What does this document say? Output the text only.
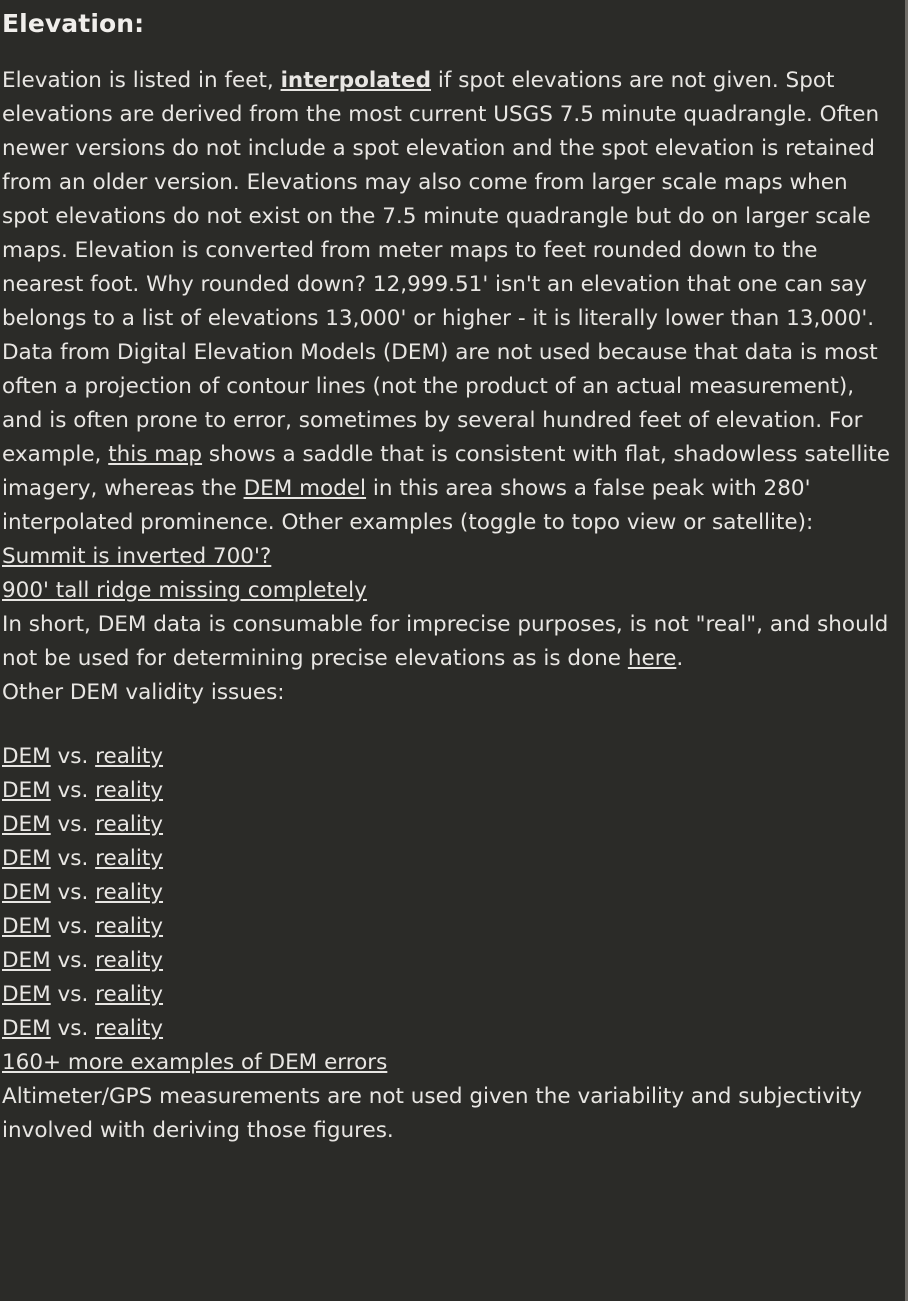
Elevation:

Elevation is listed in feet, interpolated if spot elevations are not given. Spot elevations are derived from the most current USGS 7.5 minute quadrangle. Often newer versions do not include a spot elevation and the spot elevation is retained from an older version. Elevations may also come from larger scale maps when spot elevations do not exist on the 7.5 minute quadrangle but do on larger scale maps. Elevation is converted from meter maps to feet rounded down to the nearest foot. Why rounded down? 12,999.51' isn't an elevation that one can say belongs to a list of elevations 13,000' or higher - it is literally lower than 13,000'. Data from Digital Elevation Models (DEM) are not used because that data is most often a projection of contour lines (not the product of an actual measurement), and is often prone to error, sometimes by several hundred feet of elevation. For example, this map shows a saddle that is consistent with flat, shadowless satellite imagery, whereas the DEM model in this area shows a false peak with 280' interpolated prominence. Other examples (toggle to topo view or satellite):

Summit is inverted 700'?
900' tall ridge missing completely
In short, DEM data is consumable for imprecise purposes, is not "real", and should not be used for determining precise elevations as is done here.
Other DEM validity issues:
DEM vs. reality
DEM vs. reality
DEM vs. reality
DEM vs. reality
DEM vs. reality
DEM vs. reality
DEM vs. reality
DEM vs. reality
DEM vs. reality
160+ more examples of DEM errors
Altimeter/GPS measurements are not used given the variability and subjectivity involved with deriving those figures.
